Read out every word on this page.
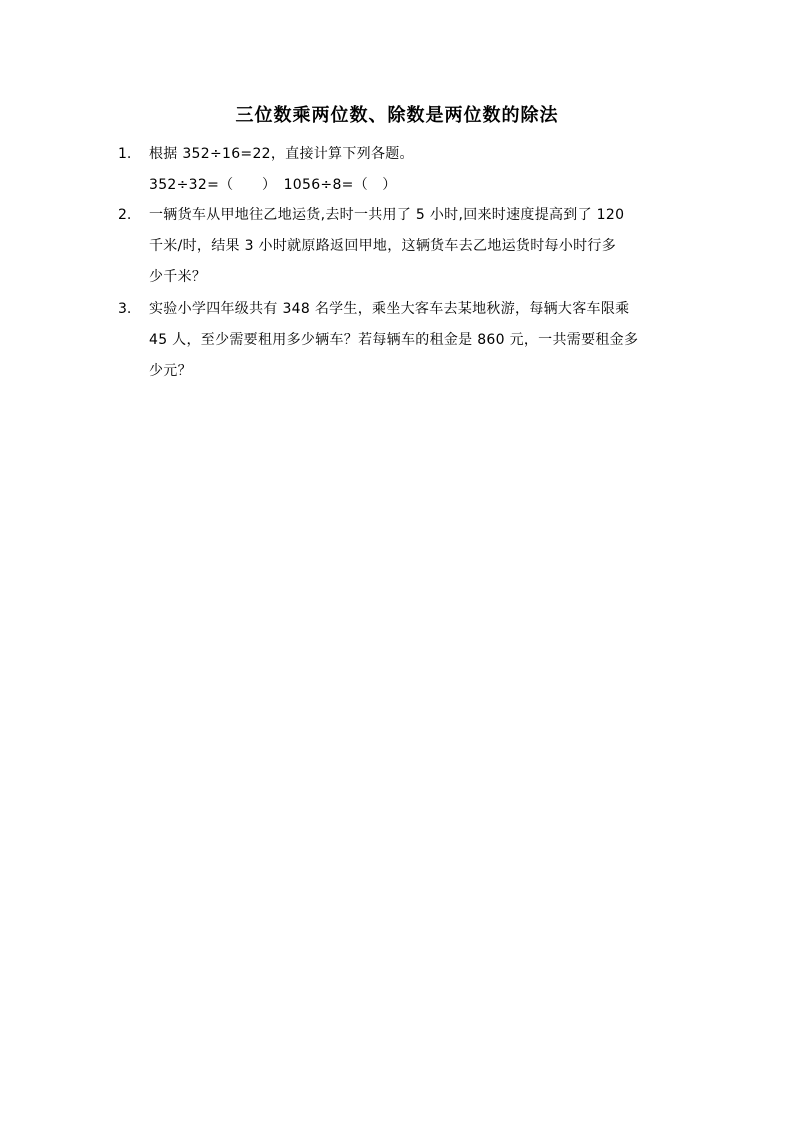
三位数乘两位数、除数是两位数的除法
1.	根据 352÷16=22，直接计算下列各题。
352÷32=（　　）　1056÷8=（　）
2.	一辆货车从甲地往乙地运货,去时一共用了 5 小时,回来时速度提高到了 120
千米/时，结果 3 小时就原路返回甲地，这辆货车去乙地运货时每小时行多
少千米？
3.	实验小学四年级共有 348 名学生，乘坐大客车去某地秋游，每辆大客车限乘
45 人，至少需要租用多少辆车？若每辆车的租金是 860 元，一共需要租金多
少元？
